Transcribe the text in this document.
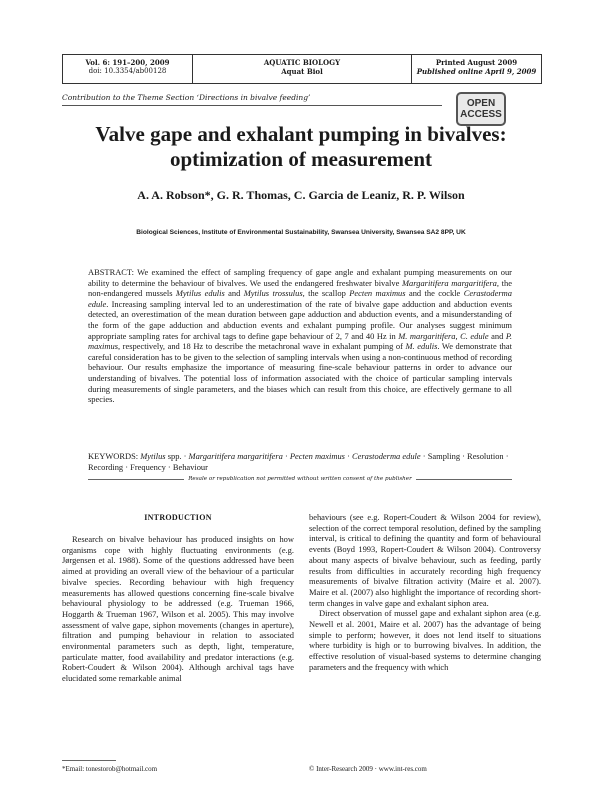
Vol. 6: 191–200, 2009
doi: 10.3354/ab00128
AQUATIC BIOLOGY
Aquat Biol
Printed August 2009
Published online April 9, 2009
Contribution to the Theme Section ‘Directions in bivalve feeding’
OPEN
ACCESS
Valve gape and exhalant pumping in bivalves:
optimization of measurement
A. A. Robson*, G. R. Thomas, C. Garcia de Leaniz, R. P. Wilson
Biological Sciences, Institute of Environmental Sustainability, Swansea University, Swansea SA2 8PP, UK
ABSTRACT: We examined the effect of sampling frequency of gape angle and exhalant pumping measurements on our ability to determine the behaviour of bivalves. We used the endangered freshwater bivalve Margaritifera margaritifera, the non-endangered mussels Mytilus edulis and Mytilus trossulus, the scallop Pecten maximus and the cockle Cerastoderma edule. Increasing sampling interval led to an underestimation of the rate of bivalve gape adduction and abduction events detected, an overestimation of the mean duration between gape adduction and abduction events, and a misunderstanding of the form of the gape adduction and abduction events and exhalant pumping profile. Our analyses suggest minimum appropriate sampling rates for archival tags to define gape behaviour of 2, 7 and 40 Hz in M. margaritifera, C. edule and P. maximus, respectively, and 18 Hz to describe the metachronal wave in exhalant pumping of M. edulis. We demonstrate that careful consideration has to be given to the selection of sampling intervals when using a non-continuous method of recording behaviour. Our results emphasize the importance of measuring fine-scale behaviour patterns in order to advance our understanding of bivalves. The potential loss of information associated with the choice of particular sampling intervals during measurements of single parameters, and the biases which can result from this choice, are effectively germane to all species.
KEYWORDS: Mytilus spp. · Margaritifera margaritifera · Pecten maximus · Cerastoderma edule · Sampling · Resolution · Recording · Frequency · Behaviour
Resale or republication not permitted without written consent of the publisher
INTRODUCTION

Research on bivalve behaviour has produced insights on how organisms cope with highly fluctuating environments (e.g. Jørgensen et al. 1988). Some of the questions addressed have been aimed at providing an overall view of the behaviour of a particular bivalve species. Recording behaviour with high frequency measurements has allowed questions concerning fine-scale bivalve behavioural physiology to be addressed (e.g. Trueman 1966, Hoggarth & Trueman 1967, Wilson et al. 2005). This may involve assessment of valve gape, siphon movements (changes in aperture), filtration and pumping behaviour in relation to associated environmental parameters such as depth, light, temperature, particulate matter, food availability and predator interactions (e.g. Robert-Coudert & Wilson 2004). Although archival tags have elucidated some remarkable animal

behaviours (see e.g. Ropert-Coudert & Wilson 2004 for review), selection of the correct temporal resolution, defined by the sampling interval, is critical to defining the quantity and form of behavioural events (Boyd 1993, Ropert-Coudert & Wilson 2004). Controversy about many aspects of bivalve behaviour, such as feeding, partly results from difficulties in accurately recording high frequency measurements of bivalve filtration activity (Maire et al. 2007). Maire et al. (2007) also highlight the importance of recording short-term changes in valve gape and exhalant siphon area.

Direct observation of mussel gape and exhalant siphon area (e.g. Newell et al. 2001, Maire et al. 2007) has the advantage of being simple to perform; however, it does not lend itself to situations where turbidity is high or to burrowing bivalves. In addition, the effective resolution of visual-based systems to determine changing parameters and the frequency with which

*Email: tonestorob@hotmail.com	© Inter-Research 2009 · www.int-res.com
